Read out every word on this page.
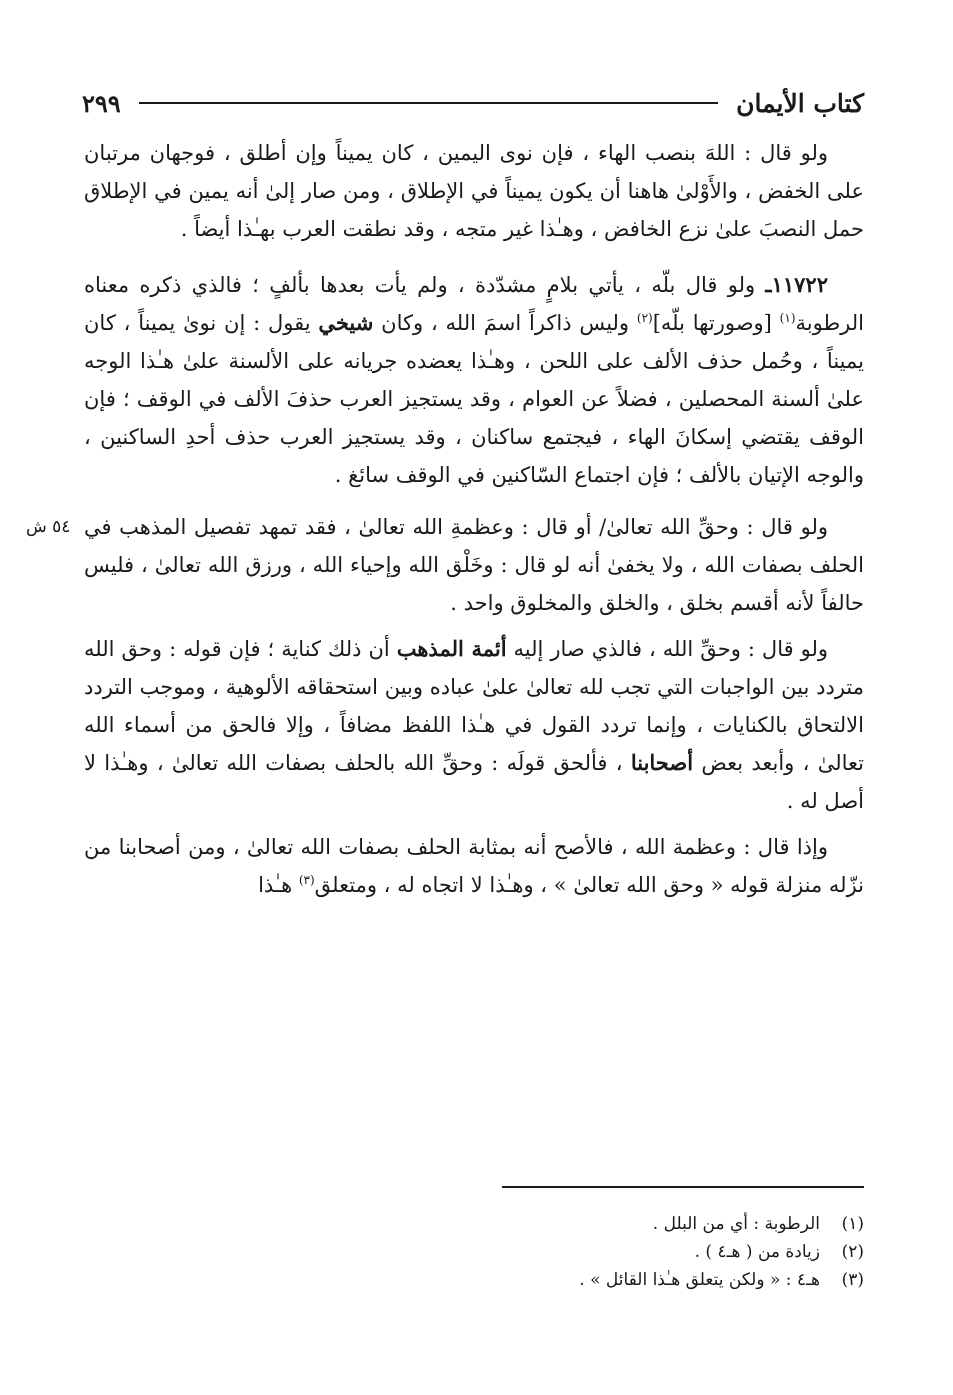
كتاب الأيمان
٢٩٩

ولو قال : اللهَ بنصب الهاء ، فإن نوى اليمين ، كان يميناً وإن أطلق ، فوجهان مرتبان على الخفض ، والأَوْلىٰ هاهنا أن يكون يميناً في الإطلاق ، ومن صار إلىٰ أنه يمين في الإطلاق حمل النصبَ علىٰ نزع الخافض ، وهـٰذا غير متجه ، وقد نطقت العرب بهـٰذا أيضاً .

١١٧٢٢ـ ولو قال بلّه ، يأتي بلامٍ مشدّدة ، ولم يأت بعدها بألفٍ ؛ فالذي ذكره معناه الرطوبة$^{(١)}$ [وصورتها بلّه]$^{(٢)}$ وليس ذاكراً اسمَ الله ، وكان شيخي يقول : إن نوىٰ يميناً ، كان يميناً ، وحُمل حذف الألف على اللحن ، وهـٰذا يعضده جريانه على الألسنة علىٰ هـٰذا الوجه علىٰ ألسنة المحصلين ، فضلاً عن العوام ، وقد يستجيز العرب حذفَ الألف في الوقف ؛ فإن الوقف يقتضي إسكانَ الهاء ، فيجتمع ساكنان ، وقد يستجيز العرب حذف أحدِ الساكنين ، والوجه الإتيان بالألف ؛ فإن اجتماع السّاكنين في الوقف سائغ .

٥٤ ش ولو قال : وحقِّ الله تعالىٰ/ أو قال : وعظمةِ الله تعالىٰ ، فقد تمهد تفصيل المذهب في الحلف بصفات الله ، ولا يخفىٰ أنه لو قال : وخَلْق الله وإحياء الله ، ورزق الله تعالىٰ ، فليس حالفاً لأنه أقسم بخلق ، والخلق والمخلوق واحد .

ولو قال : وحقِّ الله ، فالذي صار إليه أئمة المذهب أن ذلك كناية ؛ فإن قوله : وحق الله متردد بين الواجبات التي تجب لله تعالىٰ علىٰ عباده وبين استحقاقه الألوهية ، وموجب التردد الالتحاق بالكنايات ، وإنما تردد القول في هـٰذا اللفظ مضافاً ، وإلا فالحق من أسماء الله تعالىٰ ، وأبعد بعض أصحابنا ، فألحق قولَه : وحقِّ الله بالحلف بصفات الله تعالىٰ ، وهـٰذا لا أصل له .

وإذا قال : وعظمة الله ، فالأصح أنه بمثابة الحلف بصفات الله تعالىٰ ، ومن أصحابنا من نزّله منزلة قوله « وحق الله تعالىٰ » ، وهـٰذا لا اتجاه له ، ومتعلق$^{(٣)}$ هـٰذا

(١)
الرطوبة : أي من البلل .
(٢)
زيادة من ( هـ٤ ) .
(٣)
هـ٤ : « ولكن يتعلق هـٰذا القائل » .
